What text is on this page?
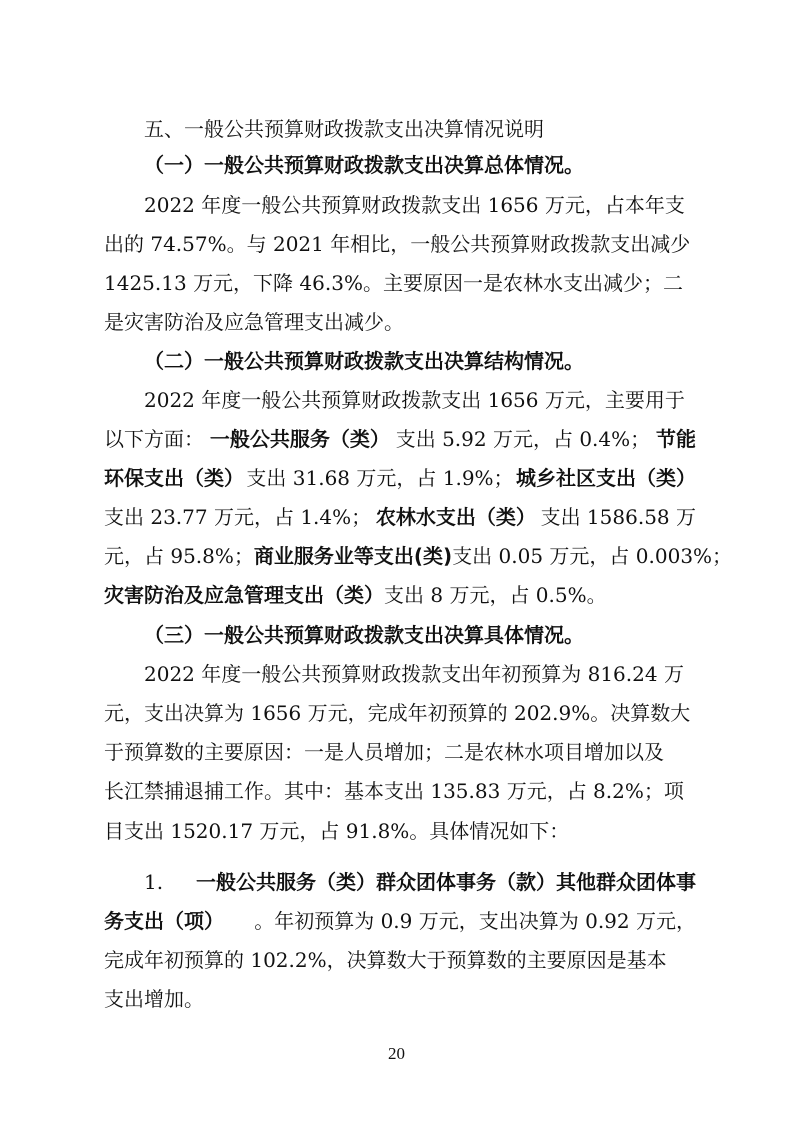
五、一般公共预算财政拨款支出决算情况说明
（一）一般公共预算财政拨款支出决算总体情况。
2022 年度一般公共预算财政拨款支出 1656 万元，占本年支
出的 74.57%。与 2021 年相比，一般公共预算财政拨款支出减少
1425.13 万元，下降 46.3%。主要原因一是农林水支出减少；二
是灾害防治及应急管理支出减少。
（二）一般公共预算财政拨款支出决算结构情况。
2022 年度一般公共预算财政拨款支出 1656 万元，主要用于
以下方面： 一般公共服务（类） 支出 5.92 万元，占 0.4%； 节能
环保支出（类） 支出 31.68 万元，占 1.9%； 城乡社区支出（类）
支出 23.77 万元，占 1.4%； 农林水支出（类） 支出 1586.58 万
元，占 95.8%； 商业服务业等支出(类) 支出 0.05 万元，占 0.003%；
灾害防治及应急管理支出（类） 支出 8 万元，占 0.5%。
（三）一般公共预算财政拨款支出决算具体情况。
2022 年度一般公共预算财政拨款支出年初预算为 816.24 万
元，支出决算为 1656 万元，完成年初预算的 202.9%。决算数大
于预算数的主要原因：一是人员增加；二是农林水项目增加以及
长江禁捕退捕工作。其中：基本支出 135.83 万元，占 8.2%；项
目支出 1520.17 万元，占 91.8%。具体情况如下：
1. 一般公共服务（类）群众团体事务（款）其他群众团体事
务支出（项） 。年初预算为 0.9 万元，支出决算为 0.92 万元，
完成年初预算的 102.2%，决算数大于预算数的主要原因是基本
支出增加。
20
